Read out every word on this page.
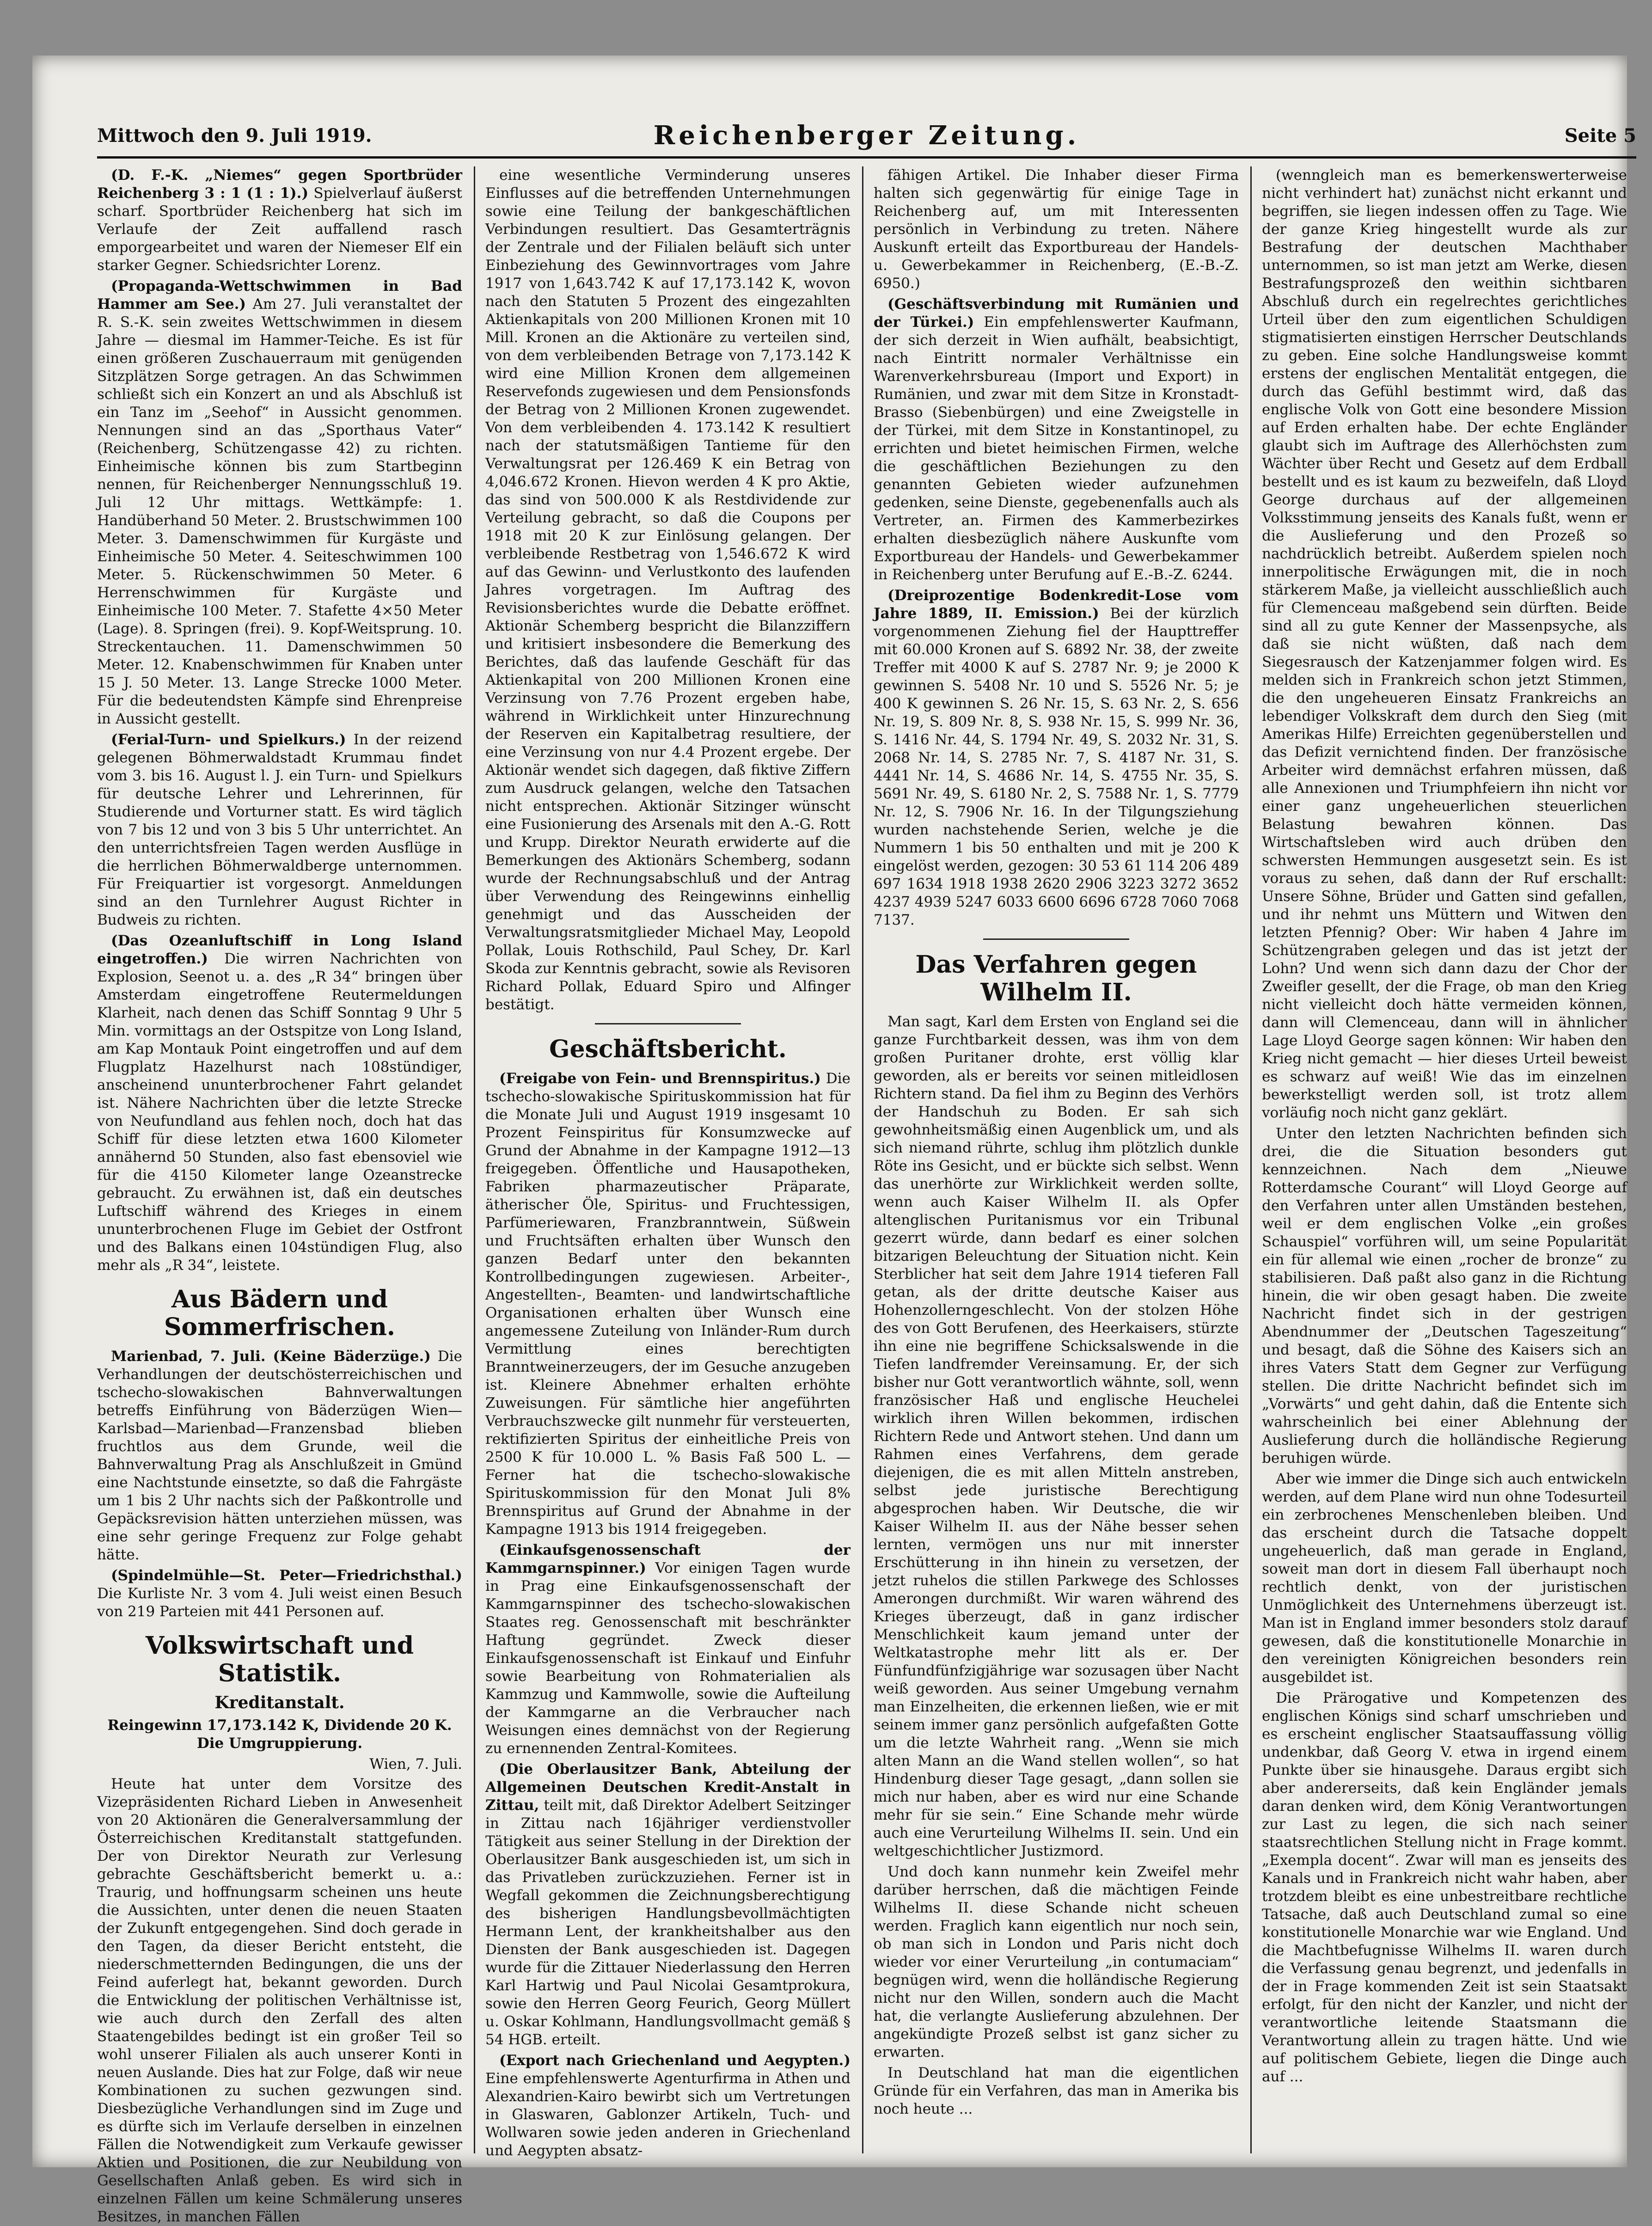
Mittwoch den 9. Juli 1919.	Reichenberger Zeitung.	Seite 5

(D. F.-K. „Niemes“ gegen Sportbrüder Reichenberg 3 : 1 (1 : 1).) Spielverlauf äußerst scharf. Sportbrüder Reichenberg hat sich im Verlaufe der Zeit auffallend rasch emporgearbeitet und waren der Niemeser Elf ein starker Gegner. Schiedsrichter Lorenz.

(Propaganda-Wettschwimmen in Bad Hammer am See.) Am 27. Juli veranstaltet der R. S.-K. sein zweites Wettschwimmen in diesem Jahre — diesmal im Hammer-Teiche. Es ist für einen größeren Zuschauerraum mit genügenden Sitzplätzen Sorge getragen. An das Schwimmen schließt sich ein Konzert an und als Abschluß ist ein Tanz im „Seehof“ in Aussicht genommen. Nennungen sind an das „Sporthaus Vater“ (Reichenberg, Schützengasse 42) zu richten. Einheimische können bis zum Startbeginn nennen, für Reichenberger Nennungsschluß 19. Juli 12 Uhr mittags. Wettkämpfe: 1. Handüberhand 50 Meter. 2. Brustschwimmen 100 Meter. 3. Damenschwimmen für Kurgäste und Einheimische 50 Meter. 4. Seiteschwimmen 100 Meter. 5. Rückenschwimmen 50 Meter. 6 Herrenschwimmen für Kurgäste und Einheimische 100 Meter. 7. Stafette 4×50 Meter (Lage). 8. Springen (frei). 9. Kopf-Weitsprung. 10. Streckentauchen. 11. Damenschwimmen 50 Meter. 12. Knabenschwimmen für Knaben unter 15 J. 50 Meter. 13. Lange Strecke 1000 Meter. Für die bedeutendsten Kämpfe sind Ehrenpreise in Aussicht gestellt.

(Ferial-Turn- und Spielkurs.) In der reizend gelegenen Böhmerwaldstadt Krummau findet vom 3. bis 16. August l. J. ein Turn- und Spielkurs für deutsche Lehrer und Lehrerinnen, für Studierende und Vorturner statt. Es wird täglich von 7 bis 12 und von 3 bis 5 Uhr unterrichtet. An den unterrichtsfreien Tagen werden Ausflüge in die herrlichen Böhmerwaldberge unternommen. Für Freiquartier ist vorgesorgt. Anmeldungen sind an den Turnlehrer August Richter in Budweis zu richten.

(Das Ozeanluftschiff in Long Island eingetroffen.) Die wirren Nachrichten von Explosion, Seenot u. a. des „R 34“ bringen über Amsterdam eingetroffene Reutermeldungen Klarheit, nach denen das Schiff Sonntag 9 Uhr 5 Min. vormittags an der Ostspitze von Long Island, am Kap Montauk Point eingetroffen und auf dem Flugplatz Hazelhurst nach 108stündiger, anscheinend ununterbrochener Fahrt gelandet ist. Nähere Nachrichten über die letzte Strecke von Neufundland aus fehlen noch, doch hat das Schiff für diese letzten etwa 1600 Kilometer annähernd 50 Stunden, also fast ebensoviel wie für die 4150 Kilometer lange Ozeanstrecke gebraucht. Zu erwähnen ist, daß ein deutsches Luftschiff während des Krieges in einem ununterbrochenen Fluge im Gebiet der Ostfront und des Balkans einen 104stündigen Flug, also mehr als „R 34“, leistete.

Aus Bädern und Sommerfrischen.

Marienbad, 7. Juli. (Keine Bäderzüge.) Die Verhandlungen der deutschösterreichischen und tschecho-slowakischen Bahnverwaltungen betreffs Einführung von Bäderzügen Wien—Karlsbad—Marienbad—Franzensbad blieben fruchtlos aus dem Grunde, weil die Bahnverwaltung Prag als Anschlußzeit in Gmünd eine Nachtstunde einsetzte, so daß die Fahrgäste um 1 bis 2 Uhr nachts sich der Paßkontrolle und Gepäcksrevision hätten unterziehen müssen, was eine sehr geringe Frequenz zur Folge gehabt hätte.

(Spindelmühle—St. Peter—Friedrichsthal.) Die Kurliste Nr. 3 vom 4. Juli weist einen Besuch von 219 Parteien mit 441 Personen auf.

Volkswirtschaft und Statistik.
Kreditanstalt.

Reingewinn 17,173.142 K, Dividende 20 K. Die Umgruppierung.

Wien, 7. Juli.

Heute hat unter dem Vorsitze des Vizepräsidenten Richard Lieben in Anwesenheit von 20 Aktionären die Generalversammlung der Österreichischen Kreditanstalt stattgefunden. Der von Direktor Neurath zur Verlesung gebrachte Geschäftsbericht bemerkt u. a.: Traurig, und hoffnungsarm scheinen uns heute die Aussichten, unter denen die neuen Staaten der Zukunft entgegengehen. Sind doch gerade in den Tagen, da dieser Bericht entsteht, die niederschmetternden Bedingungen, die uns der Feind auferlegt hat, bekannt geworden. Durch die Entwicklung der politischen Verhältnisse ist, wie auch durch den Zerfall des alten Staatengebildes bedingt ist ein großer Teil so wohl unserer Filialen als auch unserer Konti in neuen Auslande. Dies hat zur Folge, daß wir neue Kombinationen zu suchen gezwungen sind. Diesbezügliche Verhandlungen sind im Zuge und es dürfte sich im Verlaufe derselben in einzelnen Fällen die Notwendigkeit zum Verkaufe gewisser Aktien und Positionen, die zur Neubildung von Gesellschaften Anlaß geben. Es wird sich in einzelnen Fällen um keine Schmälerung unseres Besitzes, in manchen Fällen

eine wesentliche Verminderung unseres Einflusses auf die betreffenden Unternehmungen sowie eine Teilung der bankgeschäftlichen Verbindungen resultiert. Das Gesamterträgnis der Zentrale und der Filialen beläuft sich unter Einbeziehung des Gewinnvortrages vom Jahre 1917 von 1,643.742 K auf 17,173.142 K, wovon nach den Statuten 5 Prozent des eingezahlten Aktienkapitals von 200 Millionen Kronen mit 10 Mill. Kronen an die Aktionäre zu verteilen sind, von dem verbleibenden Betrage von 7,173.142 K wird eine Million Kronen dem allgemeinen Reservefonds zugewiesen und dem Pensionsfonds der Betrag von 2 Millionen Kronen zugewendet. Von dem verbleibenden 4. 173.142 K resultiert nach der statutsmäßigen Tantieme für den Verwaltungsrat per 126.469 K ein Betrag von 4,046.672 Kronen. Hievon werden 4 K pro Aktie, das sind von 500.000 K als Restdividende zur Verteilung gebracht, so daß die Coupons per 1918 mit 20 K zur Einlösung gelangen. Der verbleibende Restbetrag von 1,546.672 K wird auf das Gewinn- und Verlustkonto des laufenden Jahres vorgetragen. Im Auftrag des Revisionsberichtes wurde die Debatte eröffnet. Aktionär Schemberg bespricht die Bilanzziffern und kritisiert insbesondere die Bemerkung des Berichtes, daß das laufende Geschäft für das Aktienkapital von 200 Millionen Kronen eine Verzinsung von 7.76 Prozent ergeben habe, während in Wirklichkeit unter Hinzurechnung der Reserven ein Kapitalbetrag resultiere, der eine Verzinsung von nur 4.4 Prozent ergebe. Der Aktionär wendet sich dagegen, daß fiktive Ziffern zum Ausdruck gelangen, welche den Tatsachen nicht entsprechen. Aktionär Sitzinger wünscht eine Fusionierung des Arsenals mit den A.-G. Rott und Krupp. Direktor Neurath erwiderte auf die Bemerkungen des Aktionärs Schemberg, sodann wurde der Rechnungsabschluß und der Antrag über Verwendung des Reingewinns einhellig genehmigt und das Ausscheiden der Verwaltungsratsmitglieder Michael May, Leopold Pollak, Louis Rothschild, Paul Schey, Dr. Karl Skoda zur Kenntnis gebracht, sowie als Revisoren Richard Pollak, Eduard Spiro und Alfinger bestätigt.

Geschäftsbericht.

(Freigabe von Fein- und Brennspiritus.) Die tschecho-slowakische Spirituskommission hat für die Monate Juli und August 1919 insgesamt 10 Prozent Feinspiritus für Konsumzwecke auf Grund der Abnahme in der Kampagne 1912—13 freigegeben. Öffentliche und Hausapotheken, Fabriken pharmazeutischer Präparate, ätherischer Öle, Spiritus- und Fruchtessigen, Parfümeriewaren, Franzbranntwein, Süßwein und Fruchtsäften erhalten über Wunsch den ganzen Bedarf unter den bekannten Kontrollbedingungen zugewiesen. Arbeiter-, Angestellten-, Beamten- und landwirtschaftliche Organisationen erhalten über Wunsch eine angemessene Zuteilung von Inländer-Rum durch Vermittlung eines berechtigten Branntweinerzeugers, der im Gesuche anzugeben ist. Kleinere Abnehmer erhalten erhöhte Zuweisungen. Für sämtliche hier angeführten Verbrauchszwecke gilt nunmehr für versteuerten, rektifizierten Spiritus der einheitliche Preis von 2500 K für 10.000 L. % Basis Faß 500 L. — Ferner hat die tschecho-slowakische Spirituskommission für den Monat Juli 8% Brennspiritus auf Grund der Abnahme in der Kampagne 1913 bis 1914 freigegeben.

(Einkaufsgenossenschaft der Kammgarnspinner.) Vor einigen Tagen wurde in Prag eine Einkaufsgenossenschaft der Kammgarnspinner des tschecho-slowakischen Staates reg. Genossenschaft mit beschränkter Haftung gegründet. Zweck dieser Einkaufsgenossenschaft ist Einkauf und Einfuhr sowie Bearbeitung von Rohmaterialien als Kammzug und Kammwolle, sowie die Aufteilung der Kammgarne an die Verbraucher nach Weisungen eines demnächst von der Regierung zu ernennenden Zentral-Komitees.

(Die Oberlausitzer Bank, Abteilung der Allgemeinen Deutschen Kredit-Anstalt in Zittau, teilt mit, daß Direktor Adelbert Seitzinger in Zittau nach 16jähriger verdienstvoller Tätigkeit aus seiner Stellung in der Direktion der Oberlausitzer Bank ausgeschieden ist, um sich in das Privatleben zurückzuziehen. Ferner ist in Wegfall gekommen die Zeichnungsberechtigung des bisherigen Handlungsbevollmächtigten Hermann Lent, der krankheitshalber aus den Diensten der Bank ausgeschieden ist. Dagegen wurde für die Zittauer Niederlassung den Herren Karl Hartwig und Paul Nicolai Gesamtprokura, sowie den Herren Georg Feurich, Georg Müllert u. Oskar Kohlmann, Handlungsvollmacht gemäß § 54 HGB. erteilt.

(Export nach Griechenland und Aegypten.) Eine empfehlenswerte Agenturfirma in Athen und Alexandrien-Kairo bewirbt sich um Vertretungen in Glaswaren, Gablonzer Artikeln, Tuch- und Wollwaren sowie jeden anderen in Griechenland und Aegypten absatz-

fähigen Artikel. Die Inhaber dieser Firma halten sich gegenwärtig für einige Tage in Reichenberg auf, um mit Interessenten persönlich in Verbindung zu treten. Nähere Auskunft erteilt das Exportbureau der Handels- u. Gewerbekammer in Reichenberg, (E.-B.-Z. 6950.)

(Geschäftsverbindung mit Rumänien und der Türkei.) Ein empfehlenswerter Kaufmann, der sich derzeit in Wien aufhält, beabsichtigt, nach Eintritt normaler Verhältnisse ein Warenverkehrsbureau (Import und Export) in Rumänien, und zwar mit dem Sitze in Kronstadt-Brasso (Siebenbürgen) und eine Zweigstelle in der Türkei, mit dem Sitze in Konstantinopel, zu errichten und bietet heimischen Firmen, welche die geschäftlichen Beziehungen zu den genannten Gebieten wieder aufzunehmen gedenken, seine Dienste, gegebenenfalls auch als Vertreter, an. Firmen des Kammerbezirkes erhalten diesbezüglich nähere Auskunfte vom Exportbureau der Handels- und Gewerbekammer in Reichenberg unter Berufung auf E.-B.-Z. 6244.

(Dreiprozentige Bodenkredit-Lose vom Jahre 1889, II. Emission.) Bei der kürzlich vorgenommenen Ziehung fiel der Haupttreffer mit 60.000 Kronen auf S. 6892 Nr. 38, der zweite Treffer mit 4000 K auf S. 2787 Nr. 9; je 2000 K gewinnen S. 5408 Nr. 10 und S. 5526 Nr. 5; je 400 K gewinnen S. 26 Nr. 15, S. 63 Nr. 2, S. 656 Nr. 19, S. 809 Nr. 8, S. 938 Nr. 15, S. 999 Nr. 36, S. 1416 Nr. 44, S. 1794 Nr. 49, S. 2032 Nr. 31, S. 2068 Nr. 14, S. 2785 Nr. 7, S. 4187 Nr. 31, S. 4441 Nr. 14, S. 4686 Nr. 14, S. 4755 Nr. 35, S. 5691 Nr. 49, S. 6180 Nr. 2, S. 7588 Nr. 1, S. 7779 Nr. 12, S. 7906 Nr. 16. In der Tilgungsziehung wurden nachstehende Serien, welche je die Nummern 1 bis 50 enthalten und mit je 200 K eingelöst werden, gezogen: 30 53 61 114 206 489 697 1634 1918 1938 2620 2906 3223 3272 3652 4237 4939 5247 6033 6600 6696 6728 7060 7068 7137.

Das Verfahren gegen Wilhelm II.

Man sagt, Karl dem Ersten von England sei die ganze Furchtbarkeit dessen, was ihm von dem großen Puritaner drohte, erst völlig klar geworden, als er bereits vor seinen mitleidlosen Richtern stand. Da fiel ihm zu Beginn des Verhörs der Handschuh zu Boden. Er sah sich gewohnheitsmäßig einen Augenblick um, und als sich niemand rührte, schlug ihm plötzlich dunkle Röte ins Gesicht, und er bückte sich selbst. Wenn das unerhörte zur Wirklichkeit werden sollte, wenn auch Kaiser Wilhelm II. als Opfer altenglischen Puritanismus vor ein Tribunal gezerrt würde, dann bedarf es einer solchen bitzarigen Beleuchtung der Situation nicht. Kein Sterblicher hat seit dem Jahre 1914 tieferen Fall getan, als der dritte deutsche Kaiser aus Hohenzollerngeschlecht. Von der stolzen Höhe des von Gott Berufenen, des Heerkaisers, stürzte ihn eine nie begriffene Schicksalswende in die Tiefen landfremder Vereinsamung. Er, der sich bisher nur Gott verantwortlich wähnte, soll, wenn französischer Haß und englische Heuchelei wirklich ihren Willen bekommen, irdischen Richtern Rede und Antwort stehen. Und dann um Rahmen eines Verfahrens, dem gerade diejenigen, die es mit allen Mitteln anstreben, selbst jede juristische Berechtigung abgesprochen haben. Wir Deutsche, die wir Kaiser Wilhelm II. aus der Nähe besser sehen lernten, vermögen uns nur mit innerster Erschütterung in ihn hinein zu versetzen, der jetzt ruhelos die stillen Parkwege des Schlosses Amerongen durchmißt. Wir waren während des Krieges überzeugt, daß in ganz irdischer Menschlichkeit kaum jemand unter der Weltkatastrophe mehr litt als er. Der Fünfundfünfzigjährige war sozusagen über Nacht weiß geworden. Aus seiner Umgebung vernahm man Einzelheiten, die erkennen ließen, wie er mit seinem immer ganz persönlich aufgefaßten Gotte um die letzte Wahrheit rang. „Wenn sie mich alten Mann an die Wand stellen wollen“, so hat Hindenburg dieser Tage gesagt, „dann sollen sie mich nur haben, aber es wird nur eine Schande mehr für sie sein.“ Eine Schande mehr würde auch eine Verurteilung Wilhelms II. sein. Und ein weltgeschichtlicher Justizmord.

Und doch kann nunmehr kein Zweifel mehr darüber herrschen, daß die mächtigen Feinde Wilhelms II. diese Schande nicht scheuen werden. Fraglich kann eigentlich nur noch sein, ob man sich in London und Paris nicht doch wieder vor einer Verurteilung „in contumaciam“ begnügen wird, wenn die holländische Regierung nicht nur den Willen, sondern auch die Macht hat, die verlangte Auslieferung abzulehnen. Der angekündigte Prozeß selbst ist ganz sicher zu erwarten.

In Deutschland hat man die eigentlichen Gründe für ein Verfahren, das man in Amerika bis noch heute ...

(wenngleich man es bemerkenswerterweise nicht verhindert hat) zunächst nicht erkannt und begriffen, sie liegen indessen offen zu Tage. Wie der ganze Krieg hingestellt wurde als zur Bestrafung der deutschen Machthaber unternommen, so ist man jetzt am Werke, diesen Bestrafungsprozeß den weithin sichtbaren Abschluß durch ein regelrechtes gerichtliches Urteil über den zum eigentlichen Schuldigen stigmatisierten einstigen Herrscher Deutschlands zu geben. Eine solche Handlungsweise kommt erstens der englischen Mentalität entgegen, die durch das Gefühl bestimmt wird, daß das englische Volk von Gott eine besondere Mission auf Erden erhalten habe. Der echte Engländer glaubt sich im Auftrage des Allerhöchsten zum Wächter über Recht und Gesetz auf dem Erdball bestellt und es ist kaum zu bezweifeln, daß Lloyd George durchaus auf der allgemeinen Volksstimmung jenseits des Kanals fußt, wenn er die Auslieferung und den Prozeß so nachdrücklich betreibt. Außerdem spielen noch innerpolitische Erwägungen mit, die in noch stärkerem Maße, ja vielleicht ausschließlich auch für Clemenceau maßgebend sein dürften. Beide sind all zu gute Kenner der Massenpsyche, als daß sie nicht wüßten, daß nach dem Siegesrausch der Katzenjammer folgen wird. Es melden sich in Frankreich schon jetzt Stimmen, die den ungeheueren Einsatz Frankreichs an lebendiger Volkskraft dem durch den Sieg (mit Amerikas Hilfe) Erreichten gegenüberstellen und das Defizit vernichtend finden. Der französische Arbeiter wird demnächst erfahren müssen, daß alle Annexionen und Triumphfeiern ihn nicht vor einer ganz ungeheuerlichen steuerlichen Belastung bewahren können. Das Wirtschaftsleben wird auch drüben den schwersten Hemmungen ausgesetzt sein. Es ist voraus zu sehen, daß dann der Ruf erschallt: Unsere Söhne, Brüder und Gatten sind gefallen, und ihr nehmt uns Müttern und Witwen den letzten Pfennig? Ober: Wir haben 4 Jahre im Schützengraben gelegen und das ist jetzt der Lohn? Und wenn sich dann dazu der Chor der Zweifler gesellt, der die Frage, ob man den Krieg nicht vielleicht doch hätte vermeiden können, dann will Clemenceau, dann will in ähnlicher Lage Lloyd George sagen können: Wir haben den Krieg nicht gemacht — hier dieses Urteil beweist es schwarz auf weiß! Wie das im einzelnen bewerkstelligt werden soll, ist trotz allem vorläufig noch nicht ganz geklärt.

Unter den letzten Nachrichten befinden sich drei, die die Situation besonders gut kennzeichnen. Nach dem „Nieuwe Rotterdamsche Courant“ will Lloyd George auf den Verfahren unter allen Umständen bestehen, weil er dem englischen Volke „ein großes Schauspiel“ vorführen will, um seine Popularität ein für allemal wie einen „rocher de bronze“ zu stabilisieren. Daß paßt also ganz in die Richtung hinein, die wir oben gesagt haben. Die zweite Nachricht findet sich in der gestrigen Abendnummer der „Deutschen Tageszeitung“ und besagt, daß die Söhne des Kaisers sich an ihres Vaters Statt dem Gegner zur Verfügung stellen. Die dritte Nachricht befindet sich im „Vorwärts“ und geht dahin, daß die Entente sich wahrscheinlich bei einer Ablehnung der Auslieferung durch die holländische Regierung beruhigen würde.

Aber wie immer die Dinge sich auch entwickeln werden, auf dem Plane wird nun ohne Todesurteil ein zerbrochenes Menschenleben bleiben. Und das erscheint durch die Tatsache doppelt ungeheuerlich, daß man gerade in England, soweit man dort in diesem Fall überhaupt noch rechtlich denkt, von der juristischen Unmöglichkeit des Unternehmens überzeugt ist. Man ist in England immer besonders stolz darauf gewesen, daß die konstitutionelle Monarchie in den vereinigten Königreichen besonders rein ausgebildet ist.

Die Prärogative und Kompetenzen des englischen Königs sind scharf umschrieben und es erscheint englischer Staatsauffassung völlig undenkbar, daß Georg V. etwa in irgend einem Punkte über sie hinausgehe. Daraus ergibt sich aber andererseits, daß kein Engländer jemals daran denken wird, dem König Verantwortungen zur Last zu legen, die sich nach seiner staatsrechtlichen Stellung nicht in Frage kommt. „Exempla docent“. Zwar will man es jenseits des Kanals und in Frankreich nicht wahr haben, aber trotzdem bleibt es eine unbestreitbare rechtliche Tatsache, daß auch Deutschland zumal so eine konstitutionelle Monarchie war wie England. Und die Machtbefugnisse Wilhelms II. waren durch die Verfassung genau begrenzt, und jedenfalls in der in Frage kommenden Zeit ist sein Staatsakt erfolgt, für den nicht der Kanzler, und nicht der verantwortliche leitende Staatsmann die Verantwortung allein zu tragen hätte. Und wie auf politischem Gebiete, liegen die Dinge auch auf ...
